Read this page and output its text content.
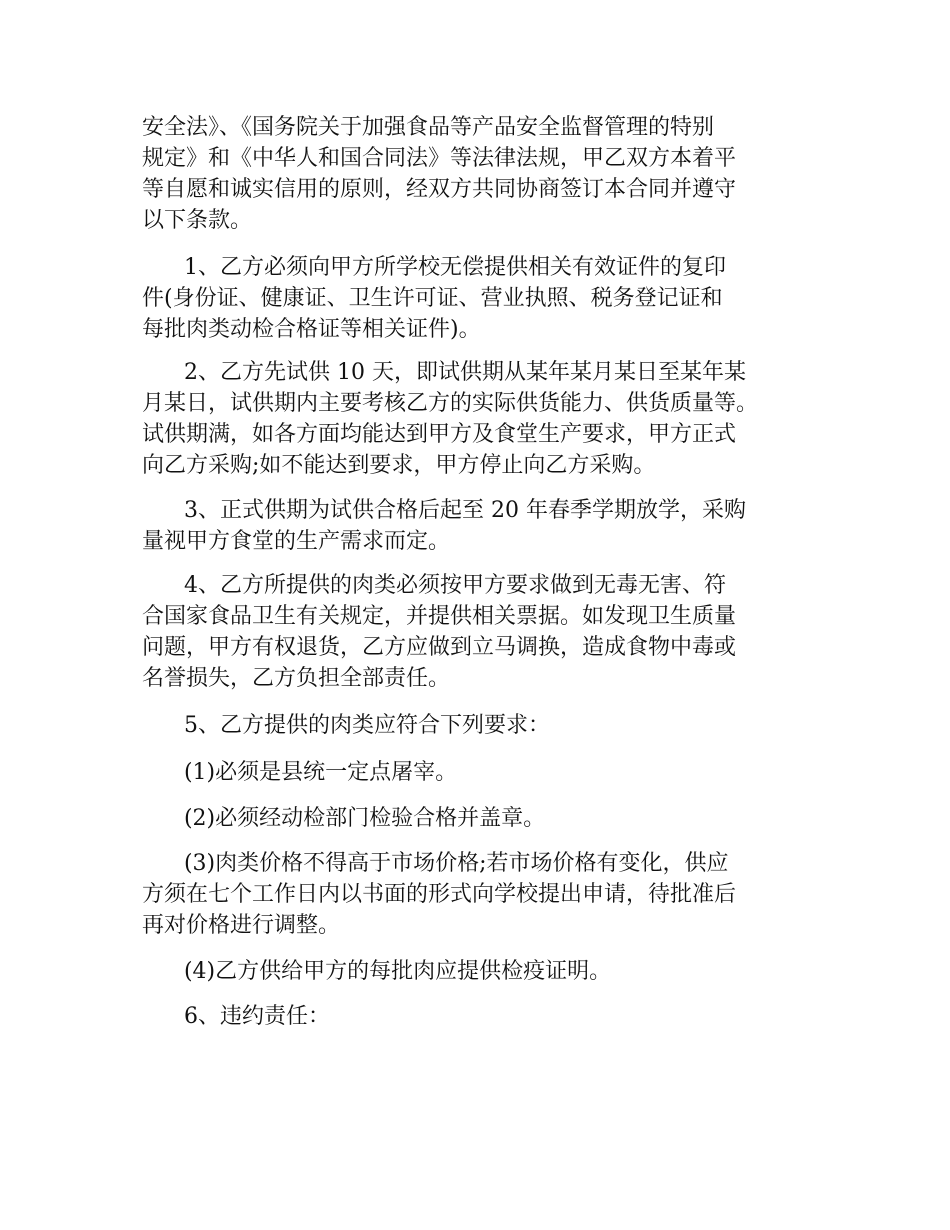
安全法》、《国务院关于加强食品等产品安全监督管理的特别
规定》和《中华人和国合同法》等法律法规，甲乙双方本着平
等自愿和诚实信用的原则，经双方共同协商签订本合同并遵守
以下条款。

1、乙方必须向甲方所学校无偿提供相关有效证件的复印
件(身份证、健康证、卫生许可证、营业执照、税务登记证和
每批肉类动检合格证等相关证件)。

2、乙方先试供 10 天，即试供期从某年某月某日至某年某
月某日，试供期内主要考核乙方的实际供货能力、供货质量等。
试供期满，如各方面均能达到甲方及食堂生产要求，甲方正式
向乙方采购;如不能达到要求，甲方停止向乙方采购。

3、正式供期为试供合格后起至 20 年春季学期放学，采购
量视甲方食堂的生产需求而定。

4、乙方所提供的肉类必须按甲方要求做到无毒无害、符
合国家食品卫生有关规定，并提供相关票据。如发现卫生质量
问题，甲方有权退货，乙方应做到立马调换，造成食物中毒或
名誉损失，乙方负担全部责任。

5、乙方提供的肉类应符合下列要求：

(1)必须是县统一定点屠宰。

(2)必须经动检部门检验合格并盖章。

(3)肉类价格不得高于市场价格;若市场价格有变化，供应
方须在七个工作日内以书面的形式向学校提出申请，待批准后
再对价格进行调整。

(4)乙方供给甲方的每批肉应提供检疫证明。

6、违约责任：
